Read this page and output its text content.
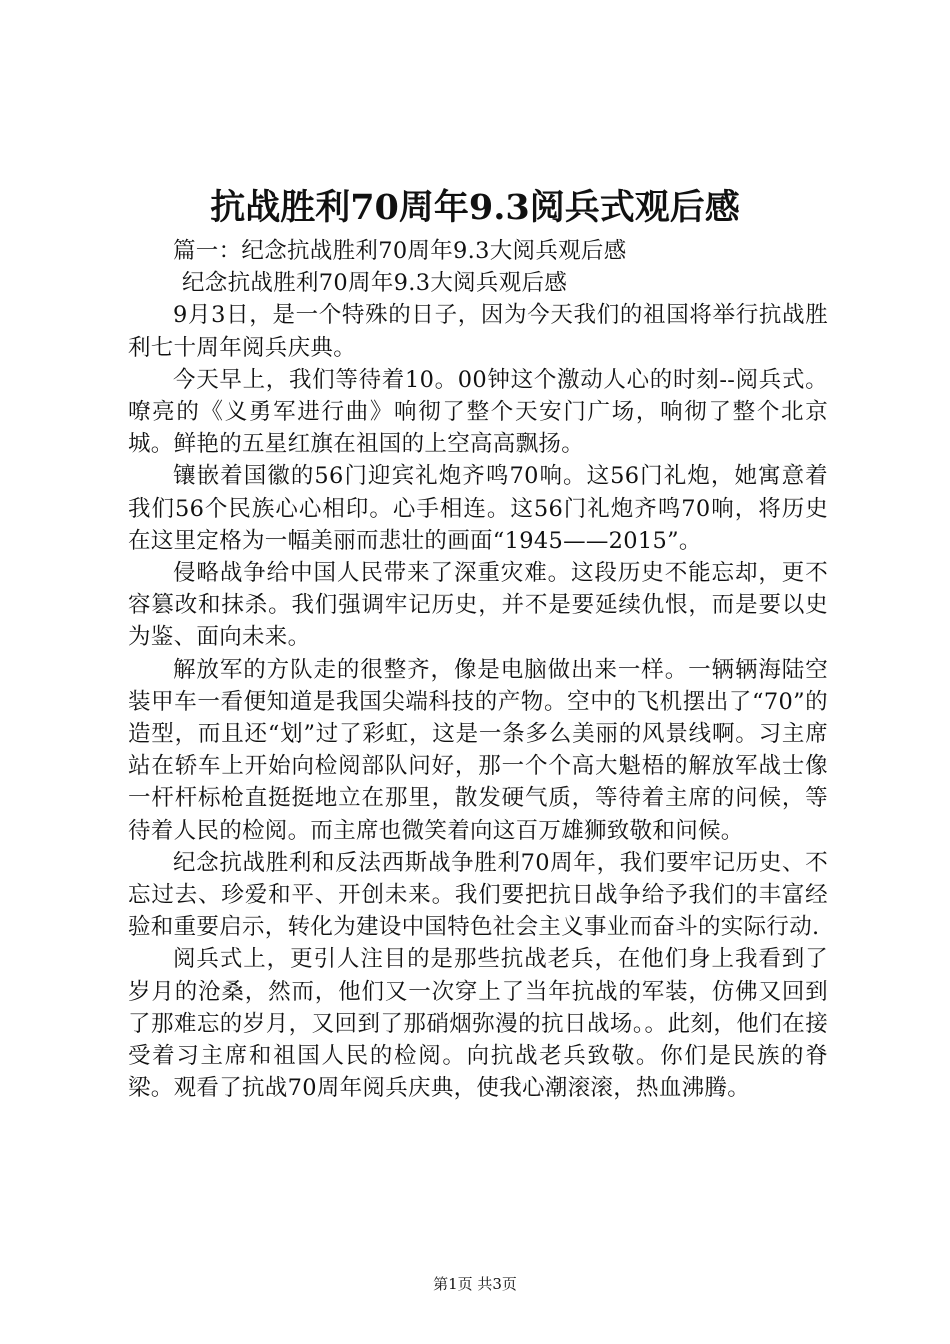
抗战胜利70周年9.3阅兵式观后感

篇一：纪念抗战胜利70周年9.3大阅兵观后感

纪念抗战胜利70周年9.3大阅兵观后感

9月3日，是一个特殊的日子，因为今天我们的祖国将举行抗战胜利七十周年阅兵庆典。

今天早上，我们等待着10。00钟这个激动人心的时刻--阅兵式。嘹亮的《义勇军进行曲》响彻了整个天安门广场，响彻了整个北京城。鲜艳的五星红旗在祖国的上空高高飘扬。

镶嵌着国徽的56门迎宾礼炮齐鸣70响。这56门礼炮，她寓意着我们56个民族心心相印。心手相连。这56门礼炮齐鸣70响，将历史在这里定格为一幅美丽而悲壮的画面“1945——2015”。

侵略战争给中国人民带来了深重灾难。这段历史不能忘却，更不容篡改和抹杀。我们强调牢记历史，并不是要延续仇恨，而是要以史为鉴、面向未来。

解放军的方队走的很整齐，像是电脑做出来一样。一辆辆海陆空装甲车一看便知道是我国尖端科技的产物。空中的飞机摆出了“70”的造型，而且还“划”过了彩虹，这是一条多么美丽的风景线啊。习主席站在轿车上开始向检阅部队问好，那一个个高大魁梧的解放军战士像一杆杆标枪直挺挺地立在那里，散发硬气质，等待着主席的问候，等待着人民的检阅。而主席也微笑着向这百万雄狮致敬和问候。

纪念抗战胜利和反法西斯战争胜利70周年，我们要牢记历史、不忘过去、珍爱和平、开创未来。我们要把抗日战争给予我们的丰富经验和重要启示，转化为建设中国特色社会主义事业而奋斗的实际行动.

阅兵式上，更引人注目的是那些抗战老兵，在他们身上我看到了岁月的沧桑，然而，他们又一次穿上了当年抗战的军装，仿佛又回到了那难忘的岁月，又回到了那硝烟弥漫的抗日战场。。此刻，他们在接受着习主席和祖国人民的检阅。向抗战老兵致敬。你们是民族的脊梁。观看了抗战70周年阅兵庆典，使我心潮滚滚，热血沸腾。

第1页 共3页
